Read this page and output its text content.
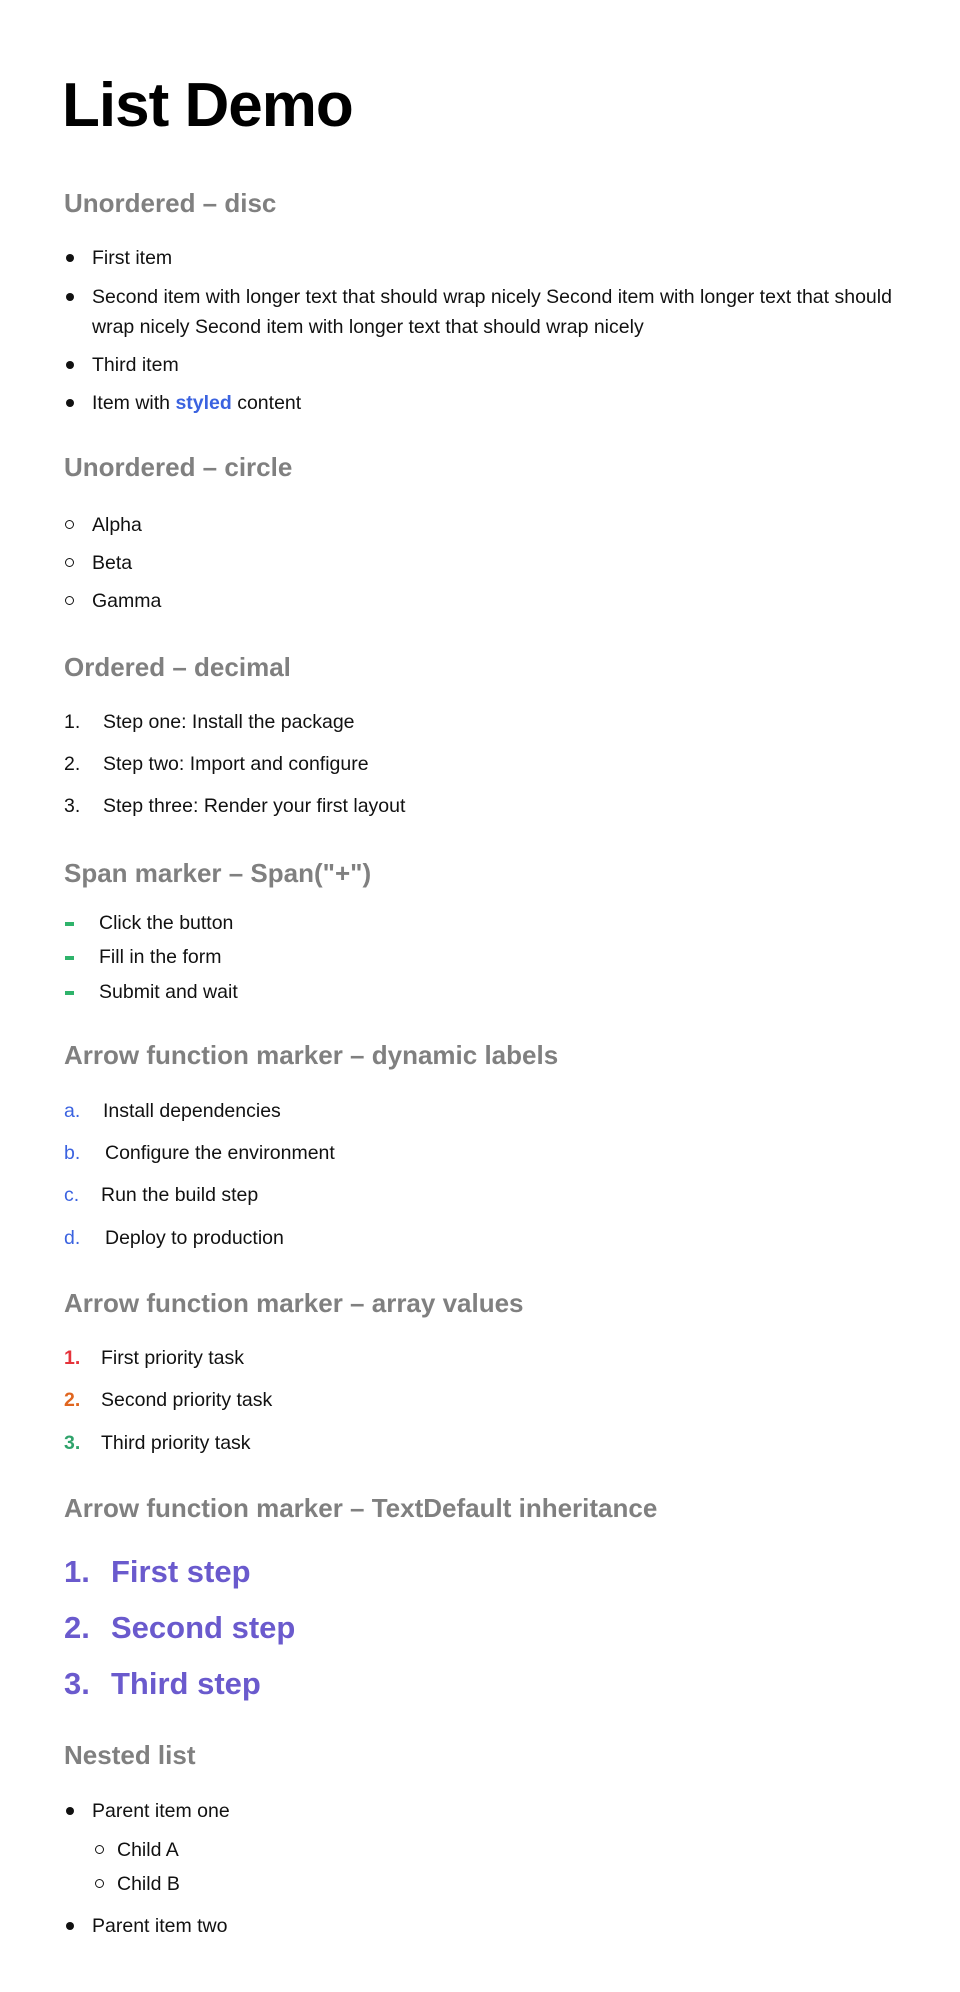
List Demo
Unordered – disc
First item
Second item with longer text that should wrap nicely Second item with longer text that should wrap nicely Second item with longer text that should wrap nicely
Third item
Item with styled content
Unordered – circle
Alpha
Beta
Gamma
Ordered – decimal
1. Step one: Install the package
2. Step two: Import and configure
3. Step three: Render your first layout
Span marker – Span("+")
Click the button
Fill in the form
Submit and wait
Arrow function marker – dynamic labels
a. Install dependencies
b. Configure the environment
c. Run the build step
d. Deploy to production
Arrow function marker – array values
1. First priority task
2. Second priority task
3. Third priority task
Arrow function marker – TextDefault inheritance
1. First step
2. Second step
3. Third step
Nested list
Parent item one
Child A
Child B
Parent item two
